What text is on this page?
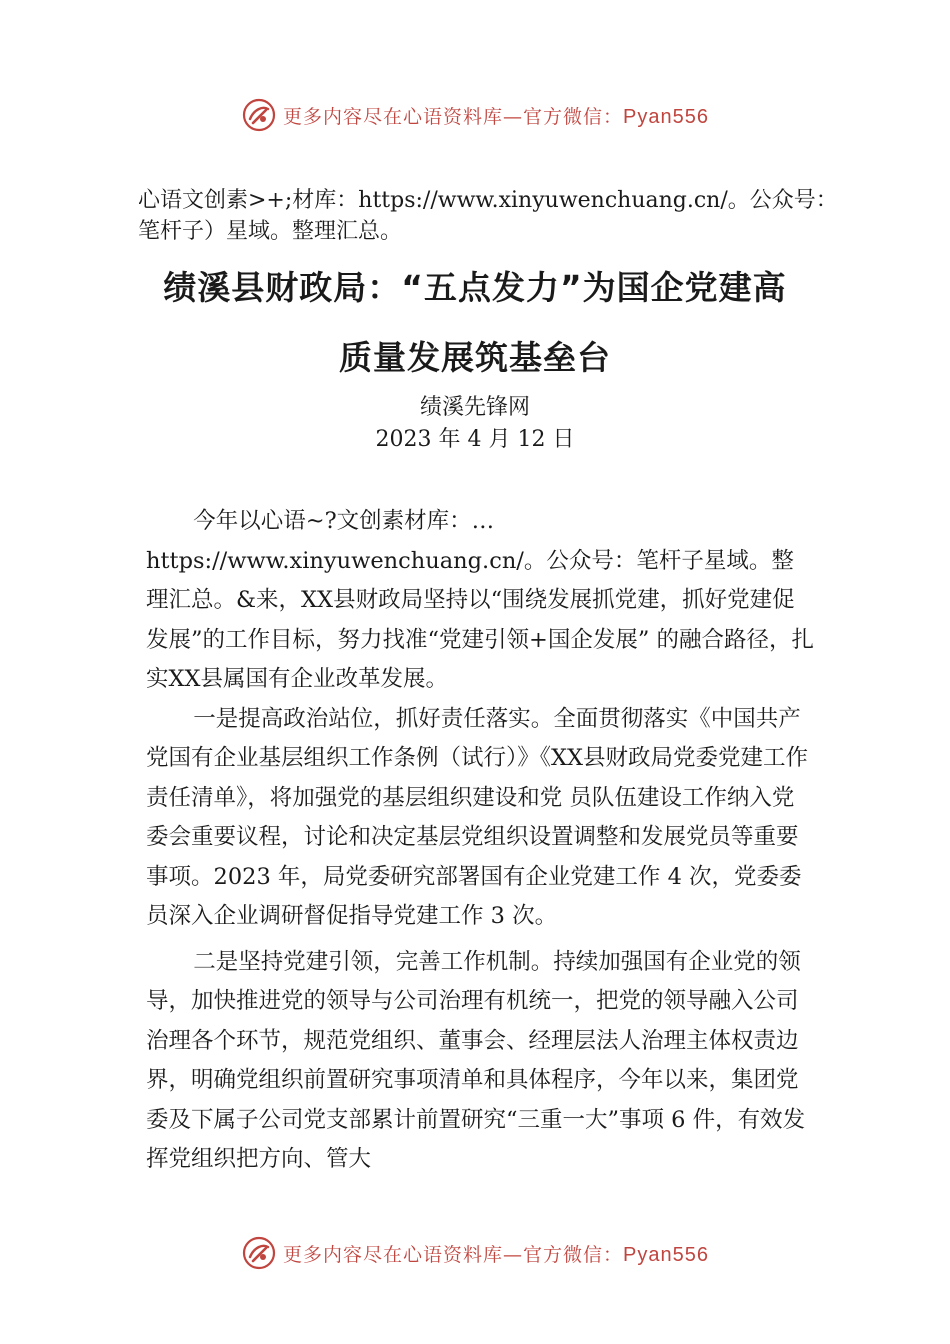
更多内容尽在心语资料库—官方微信：Pyan556
心语文创素>+;材库：https://www.xinyuwenchuang.cn/。公众号：笔杆子）星域。整理汇总。
绩溪县财政局：“五点发力”为国企党建高
质量发展筑基垒台
绩溪先锋网
2023 年 4 月 12 日

今年以心语~?文创素材库：…https://www.xinyuwenchuang.cn/。公众号：笔杆子星域。整理汇总。&来，XX县财政局坚持以“围绕发展抓党建，抓好党建促发展”的工作目标，努力找准“党建引领+国企发展” 的融合路径，扎实XX县属国有企业改革发展。

一是提高政治站位，抓好责任落实。全面贯彻落实《中国共产党国有企业基层组织工作条例（试行）》《XX县财政局党委党建工作责任清单》，将加强党的基层组织建设和党 员队伍建设工作纳入党委会重要议程，讨论和决定基层党组织设置调整和发展党员等重要事项。2023 年，局党委研究部署国有企业党建工作 4 次，党委委员深入企业调研督促指导党建工作 3 次。

二是坚持党建引领，完善工作机制。持续加强国有企业党的领导，加快推进党的领导与公司治理有机统一，把党的领导融入公司治理各个环节，规范党组织、董事会、经理层法人治理主体权责边界，明确党组织前置研究事项清单和具体程序，今年以来，集团党委及下属子公司党支部累计前置研究“三重一大”事项 6 件，有效发挥党组织把方向、管大

更多内容尽在心语资料库—官方微信：Pyan556
